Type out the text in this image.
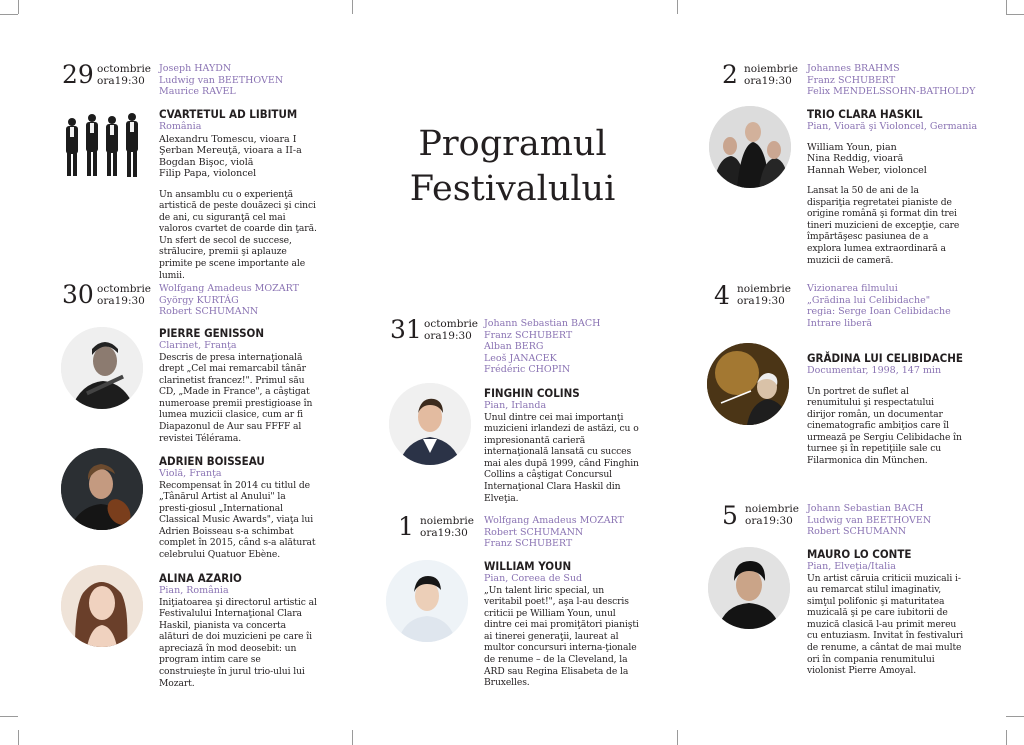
Programul
Festivalului
29 octombrie
ora19:30
Joseph HAYDN
Ludwig van BEETHOVEN
Maurice RAVEL
CVARTETUL AD LIBITUM
România
Alexandru Tomescu, vioara I
Şerban Mereuţă, vioara a II-a
Bogdan Bişoc, violă
Filip Papa, violoncel
Un ansamblu cu o experienţă artistică de peste douăzeci şi cinci de ani, cu siguranţă cel mai valoros cvartet de coarde din ţară. Un sfert de secol de succese, strălucire, premii şi aplauze primite pe scene importante ale lumii.
30 octombrie
ora19:30
Wolfgang Amadeus MOZART
György KURTÁG
Robert SCHUMANN
PIERRE GENISSON
Clarinet, Franţa
Descris de presa internaţională drept „Cel mai remarcabil tânăr clarinetist francez!". Primul său CD, „Made in France", a câştigat numeroase premii prestigioase în lumea muzicii clasice, cum ar fi Diapazonul de Aur sau FFFF al revistei Télérama.
ADRIEN BOISSEAU
Violă, Franţa
Recompensat în 2014 cu titlul de „Tânărul Artist al Anului" la presti-giosul „International Classical Music Awards", viaţa lui Adrien Boisseau s-a schimbat complet în 2015, când s-a alăturat celebrului Quatuor Ebène.
ALINA AZARIO
Pian, România
Iniţiatoarea şi directorul artistic al Festivalului Internaţional Clara Haskil, pianista va concerta alături de doi muzicieni pe care îi apreciază în mod deosebit: un program intim care se construieşte în jurul trio-ului lui Mozart.
31 octombrie
ora19:30
Johann Sebastian BACH
Franz SCHUBERT
Alban BERG
Leoš JANACEK
Frédéric CHOPIN
FINGHIN COLINS
Pian, Irlanda
Unul dintre cei mai importanţi muzicieni irlandezi de astăzi, cu o impresionantă carieră internaţională lansată cu succes mai ales după 1999, când Finghin Collins a câştigat Concursul Internaţional Clara Haskil din Elveţia.
1 noiembrie
ora19:30
Wolfgang Amadeus MOZART
Robert SCHUMANN
Franz SCHUBERT
WILLIAM YOUN
Pian, Coreea de Sud
„Un talent liric special, un veritabil poet!", aşa l-au descris criticii pe William Youn, unul dintre cei mai promiţători pianişti ai tinerei generaţii, laureat al multor concursuri interna-ţionale de renume – de la Cleveland, la ARD sau Regina Elisabeta de la Bruxelles.
2 noiembrie
ora19:30
Johannes BRAHMS
Franz SCHUBERT
Felix MENDELSSOHN-BATHOLDY
TRIO CLARA HASKIL
Pian, Vioară şi Violoncel, Germania
William Youn, pian
Nina Reddig, vioară
Hannah Weber, violoncel
Lansat la 50 de ani de la dispariţia regretatei pianiste de origine română şi format din trei tineri muzicieni de excepţie, care împărtăşesc pasiunea de a explora lumea extraordinară a muzicii de cameră.
4 noiembrie
ora19:30
Vizionarea filmului
„Grădina lui Celibidache"
regia: Serge Ioan Celibidache
Intrare liberă
GRĂDINA LUI CELIBIDACHE
Documentar, 1998, 147 min
Un portret de suflet al renumitului şi respectatului dirijor român, un documentar cinematografic ambiţios care îl urmează pe Sergiu Celibidache în turnee şi în repetiţiile sale cu Filarmonica din München.
5 noiembrie
ora19:30
Johann Sebastian BACH
Ludwig van BEETHOVEN
Robert SCHUMANN
MAURO LO CONTE
Pian, Elveţia/Italia
Un artist căruia criticii muzicali i-au remarcat stilul imaginativ, simţul polifonic şi maturitatea muzicală şi pe care iubitorii de muzică clasică l-au primit mereu cu entuziasm. Invitat în festivaluri de renume, a cântat de mai multe ori în compania renumitului violonist Pierre Amoyal.
